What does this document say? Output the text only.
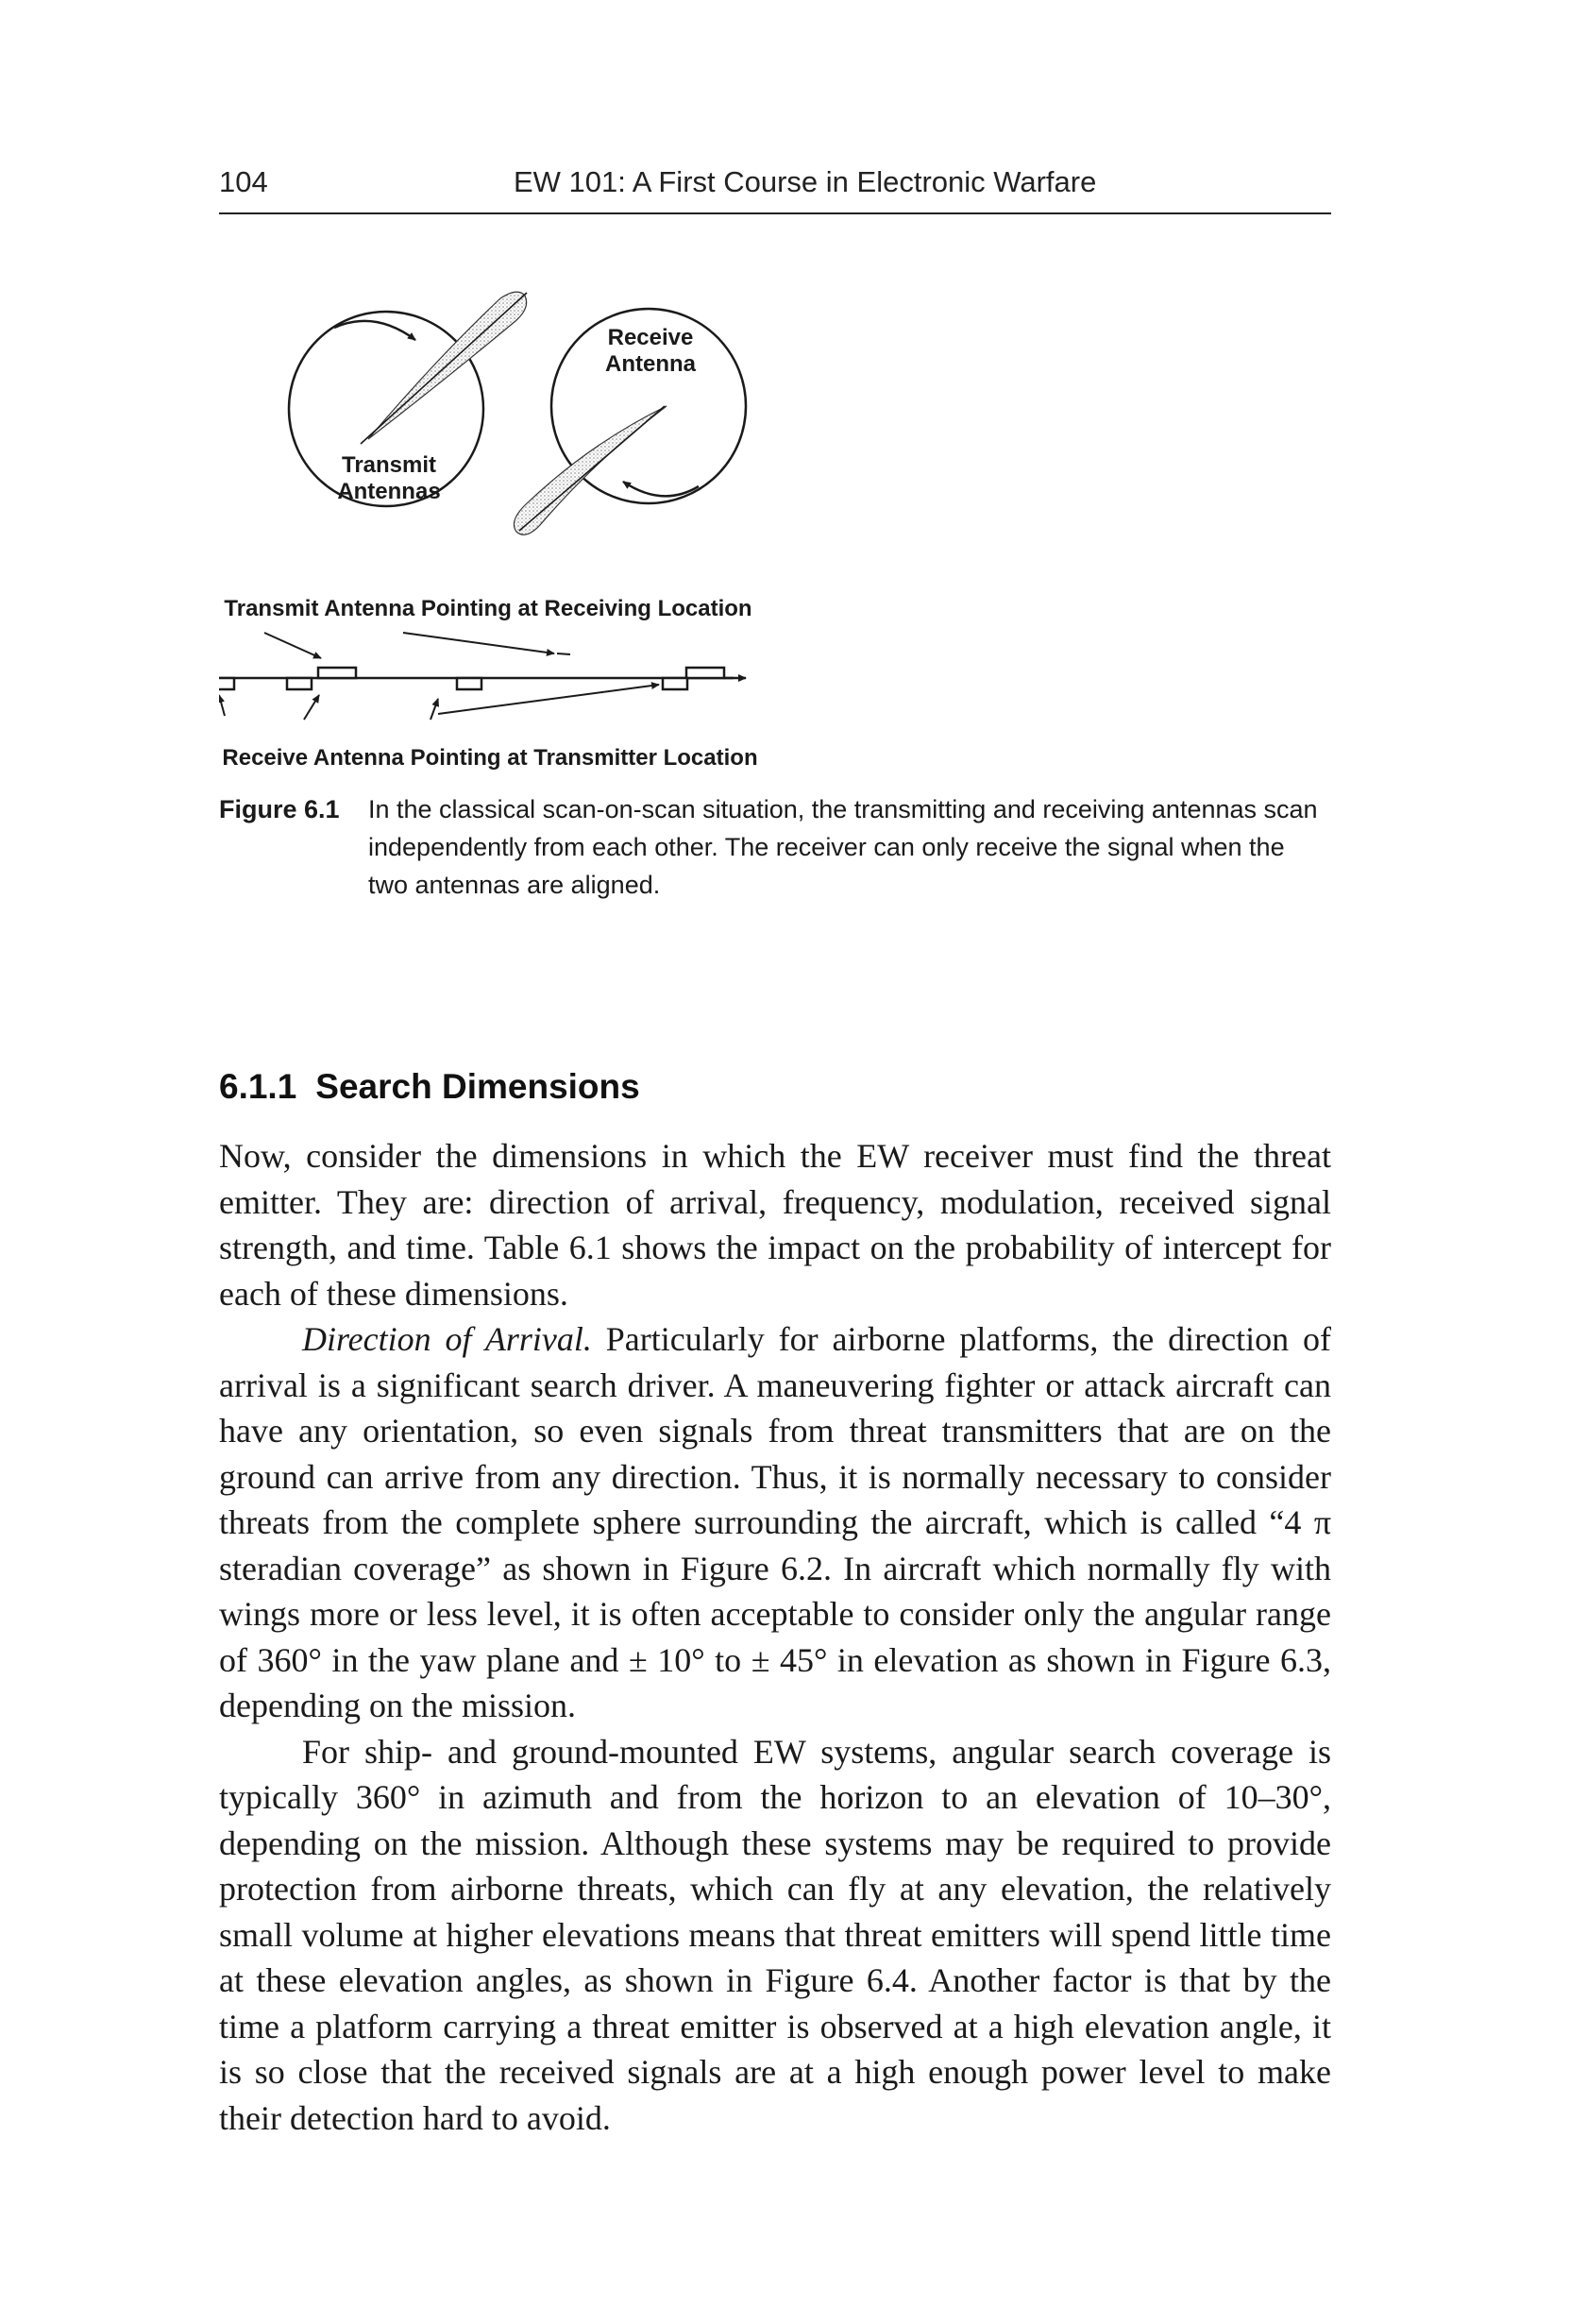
104	EW 101: A First Course in Electronic Warfare
Transmit
Antennas
Receive
Antenna
Transmit Antenna Pointing at Receiving Location
Receive Antenna Pointing at Transmitter Location
Figure 6.1 In the classical scan-on-scan situation, the transmitting and receiving antennas scan independently from each other. The receiver can only receive the signal when the two antennas are aligned.
6.1.1 Search Dimensions

Now, consider the dimensions in which the EW receiver must find the threat emitter. They are: direction of arrival, frequency, modulation, received signal strength, and time. Table 6.1 shows the impact on the probability of intercept for each of these dimensions.

Direction of Arrival. Particularly for airborne platforms, the direction of arrival is a significant search driver. A maneuvering fighter or attack aircraft can have any orientation, so even signals from threat transmitters that are on the ground can arrive from any direction. Thus, it is normally necessary to consider threats from the complete sphere surrounding the aircraft, which is called “4 π steradian coverage” as shown in Figure 6.2. In aircraft which normally fly with wings more or less level, it is often acceptable to consider only the angular range of 360° in the yaw plane and ± 10° to ± 45° in elevation as shown in Figure 6.3, depending on the mission.

For ship- and ground-mounted EW systems, angular search coverage is typically 360° in azimuth and from the horizon to an elevation of 10–30°, depending on the mission. Although these systems may be required to provide protection from airborne threats, which can fly at any elevation, the relatively small volume at higher elevations means that threat emitters will spend little time at these elevation angles, as shown in Figure 6.4. Another factor is that by the time a platform carrying a threat emitter is observed at a high elevation angle, it is so close that the received signals are at a high enough power level to make their detection hard to avoid.
